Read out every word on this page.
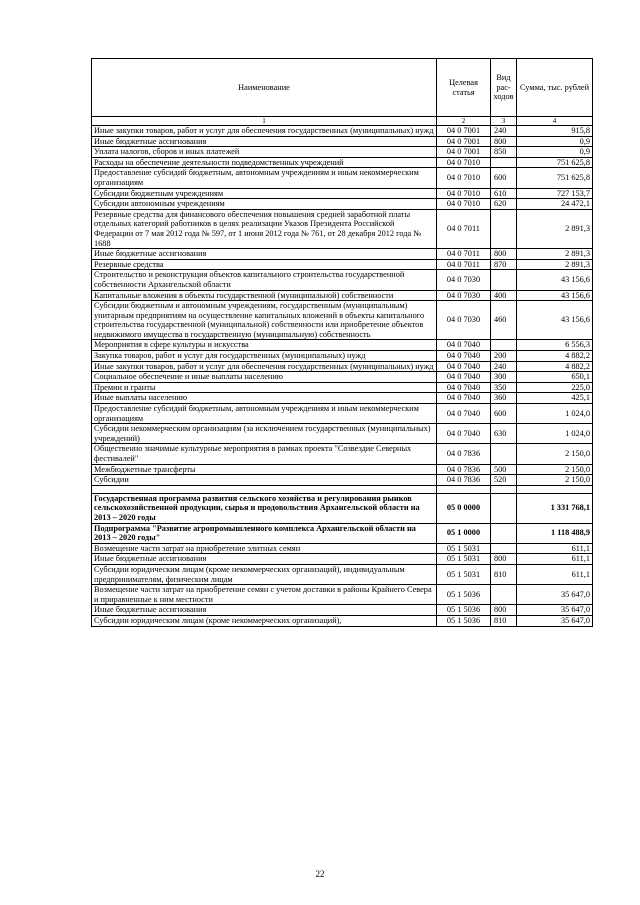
Наименование	Целевая статья	Вид рас-ходов	Сумма, тыс. рублей
1	2	3	4
Иные закупки товаров, работ и услуг для обеспечения государственных (муниципальных) нужд	04 0 7001	240	915,8
Иные бюджетные ассигнования	04 0 7001	800	0,9
Уплата налогов, сборов и иных платежей	04 0 7001	850	0,9
Расходы на обеспечение деятельности подведомственных учреждений	04 0 7010		751 625,8
Предоставление субсидий бюджетным, автономным учреждениям и иным некоммерческим организациям	04 0 7010	600	751 625,8
Субсидии бюджетным учреждениям	04 0 7010	610	727 153,7
Субсидии автономным учреждениям	04 0 7010	620	24 472,1
Резервные средства для финансового обеспечения повышения средней заработной платы отдельных категорий работников в целях реализации Указов Президента Российской Федерации от 7 мая 2012 года № 597, от 1 июня 2012 года № 761, от 28 декабря 2012 года № 1688	04 0 7011		2 891,3
Иные бюджетные ассигнования	04 0 7011	800	2 891,3
Резервные средства	04 0 7011	870	2 891,3
Строительство и реконструкция объектов капитального строительства государственной собственности Архангельской области	04 0 7030		43 156,6
Капитальные вложения в объекты государственной (муниципальной) собственности	04 0 7030	400	43 156,6
Субсидии бюджетным и автономным учреждениям, государственным (муниципальным) унитарным предприятиям на осуществление капитальных вложений в объекты капитального строительства государственной (муниципальной) собственности или приобретение объектов недвижимого имущества в государственную (муниципальную) собственность	04 0 7030	460	43 156,6
Мероприятия в сфере культуры и искусства	04 0 7040		6 556,3
Закупка товаров, работ и услуг для государственных (муниципальных) нужд	04 0 7040	200	4 882,2
Иные закупки товаров, работ и услуг для обеспечения государственных (муниципальных) нужд	04 0 7040	240	4 882,2
Социальное обеспечение и иные выплаты населению	04 0 7040	300	650,1
Премии и гранты	04 0 7040	350	225,0
Иные выплаты населению	04 0 7040	360	425,1
Предоставление субсидий бюджетным, автономным учреждениям и иным некоммерческим организациям	04 0 7040	600	1 024,0
Субсидии некоммерческим организациям (за исключением государственных (муниципальных) учреждений)	04 0 7040	630	1 024,0
Общественно значимые культурные мероприятия в рамках проекта "Созвездие Северных фестивалей"	04 0 7836		2 150,0
Межбюджетные трансферты	04 0 7836	500	2 150,0
Субсидии	04 0 7836	520	2 150,0

Государственная программа развития сельского хозяйства и регулирования рынков сельскохозяйственной продукции, сырья и продовольствия Архангельской области на 2013 – 2020 годы	05 0 0000		1 331 768,1
Подпрограмма "Развитие агропромышленного комплекса Архангельской области на 2013 – 2020 годы"	05 1 0000		1 118 488,9
Возмещение части затрат на приобретение элитных семян	05 1 5031		611,1
Иные бюджетные ассигнования	05 1 5031	800	611,1
Субсидии юридическим лицам (кроме некоммерческих организаций), индивидуальным предпринимателям, физическим лицам	05 1 5031	810	611,1
Возмещение части затрат на приобретение семян с учетом доставки в районы Крайнего Севера и приравненные к ним местности	05 1 5036		35 647,0
Иные бюджетные ассигнования	05 1 5036	800	35 647,0
Субсидии юридическим лицам (кроме некоммерческих организаций),	05 1 5036	810	35 647,0
22
